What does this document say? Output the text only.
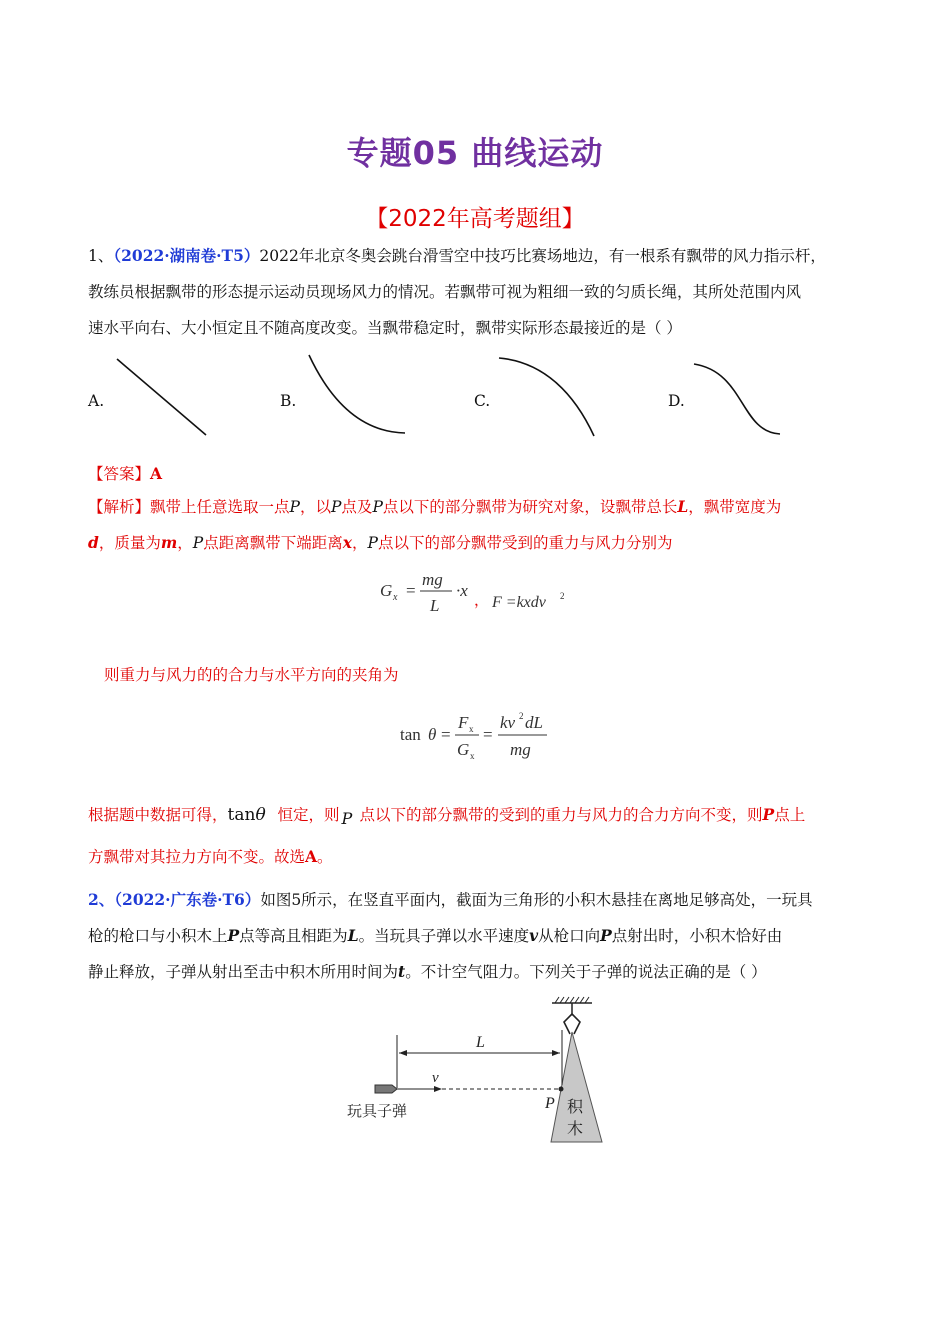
专题05 曲线运动
【2022年高考题组】
1、（2022·湖南卷·T5）2022年北京冬奥会跳台滑雪空中技巧比赛场地边，有一根系有飘带的风力指示杆，
教练员根据飘带的形态提示运动员现场风力的情况。若飘带可视为粗细一致的匀质长绳，其所处范围内风
速水平向右、大小恒定且不随高度改变。当飘带稳定时，飘带实际形态最接近的是（ ）
A.	B.	C.	D.
【答案】A
【解析】飘带上任意选取一点P，以P点及P点以下的部分飘带为研究对象，设飘带总长L，飘带宽度为
d，质量为m，P点距离飘带下端距离x，P点以下的部分飘带受到的重力与风力分别为
G x =
mg
L
·x
， F =kxdv 2
则重力与风力的的合力与水平方向的夹角为
tan θ =
F x
G x
=
kv 2 dL
mg
根据题中数据可得， tanθ 恒定，则 P 点以下的部分飘带的受到的重力与风力的合力方向不变，则P点上
方飘带对其拉力方向不变。故选A。
2、（2022·广东卷·T6）如图5所示，在竖直平面内，截面为三角形的小积木悬挂在离地足够高处，一玩具
枪的枪口与小积木上P点等高且相距为L。当玩具子弹以水平速度v从枪口向P点射出时，小积木恰好由
静止释放，子弹从射出至击中积木所用时间为t。不计空气阻力。下列关于子弹的说法正确的是（ ）
积
木
L
v
P
玩具子弹
